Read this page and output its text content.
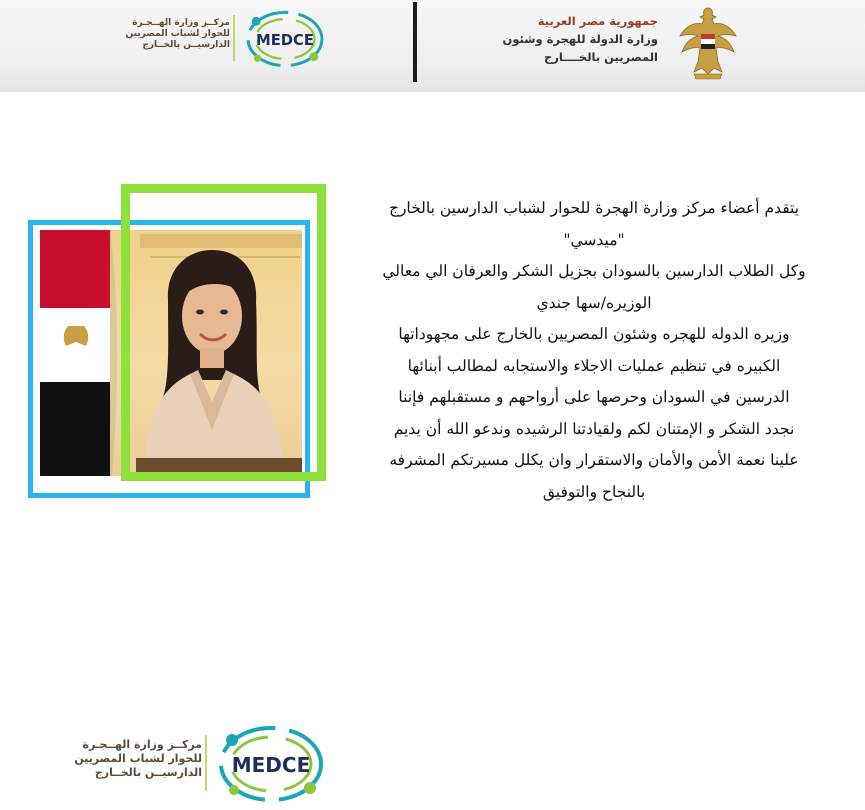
جمهورية مصر العربية
وزارة الدولة للهجرة وشئون
المصريين بالخــــارج
مركــز وزارة الهــجـرة
للحوار لشباب المصريين
الدارسيــن بالخــارج MEDCE

يتقدم أعضاء مركز وزارة الهجرة للحوار لشباب الدارسين بالخارج

"ميدسي"

وكل الطلاب الدارسين بالسودان بجزيل الشكر والعرفان الي معالي

الوزيره/سها جندي

وزيره الدوله للهجره وشئون المصريين بالخارج على مجهوداتها

الكبيره في تنظيم عمليات الاجلاء والاستجابه لمطالب أبنائها

الدرسين في السودان وحرصها على أرواحهم و مستقبلهم فإننا

نجدد الشكر و الإمتنان لكم ولقيادتنا الرشيده وندعو الله أن يديم

علينا نعمة الأمن والأمان والاستقرار وان يكلل مسيرتكم المشرفه

بالنجاح والتوفيق

مركــز وزارة الهــجـرة
للحوار لشباب المصريين
الدارسيــن بالخــارج MEDCE
